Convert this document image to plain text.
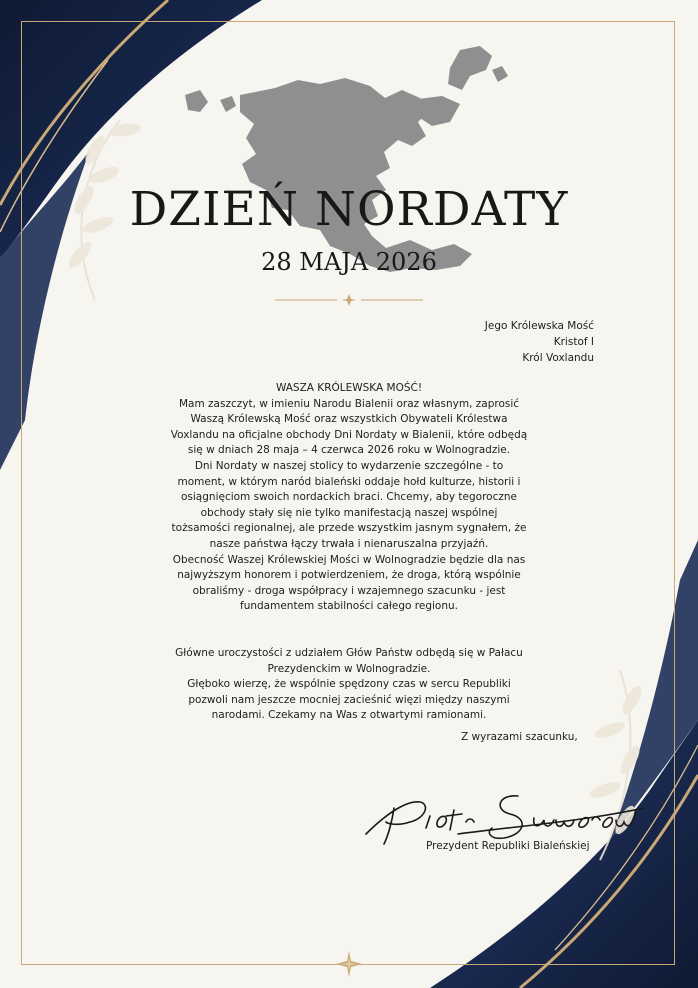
DZIEŃ NORDATY
28 MAJA 2026
Jego Królewska Mość
Kristof I
Król Voxlandu

WASZA KRÓLEWSKA MOŚĆ!

Mam zaszczyt, w imieniu Narodu Bialenii oraz własnym, zaprosić Waszą Królewską Mość oraz wszystkich Obywateli Królestwa Voxlandu na oficjalne obchody Dni Nordaty w Bialenii, które odbędą się w dniach 28 maja – 4 czerwca 2026 roku w Wolnogradzie.

Dni Nordaty w naszej stolicy to wydarzenie szczególne - to moment, w którym naród bialeński oddaje hołd kulturze, historii i osiągnięciom swoich nordackich braci. Chcemy, aby tegoroczne obchody stały się nie tylko manifestacją naszej wspólnej tożsamości regionalnej, ale przede wszystkim jasnym sygnałem, że nasze państwa łączy trwała i nienaruszalna przyjaźń.

Obecność Waszej Królewskiej Mości w Wolnogradzie będzie dla nas najwyższym honorem i potwierdzeniem, że droga, którą wspólnie obraliśmy - droga współpracy i wzajemnego szacunku - jest fundamentem stabilności całego regionu.

Główne uroczystości z udziałem Głów Państw odbędą się w Pałacu Prezydenckim w Wolnogradzie.

Głęboko wierzę, że wspólnie spędzony czas w sercu Republiki pozwoli nam jeszcze mocniej zacieśnić więzi między naszymi narodami. Czekamy na Was z otwartymi ramionami.

Z wyrazami szacunku,
Piotr Suworow
Prezydent Republiki Bialeńskiej
